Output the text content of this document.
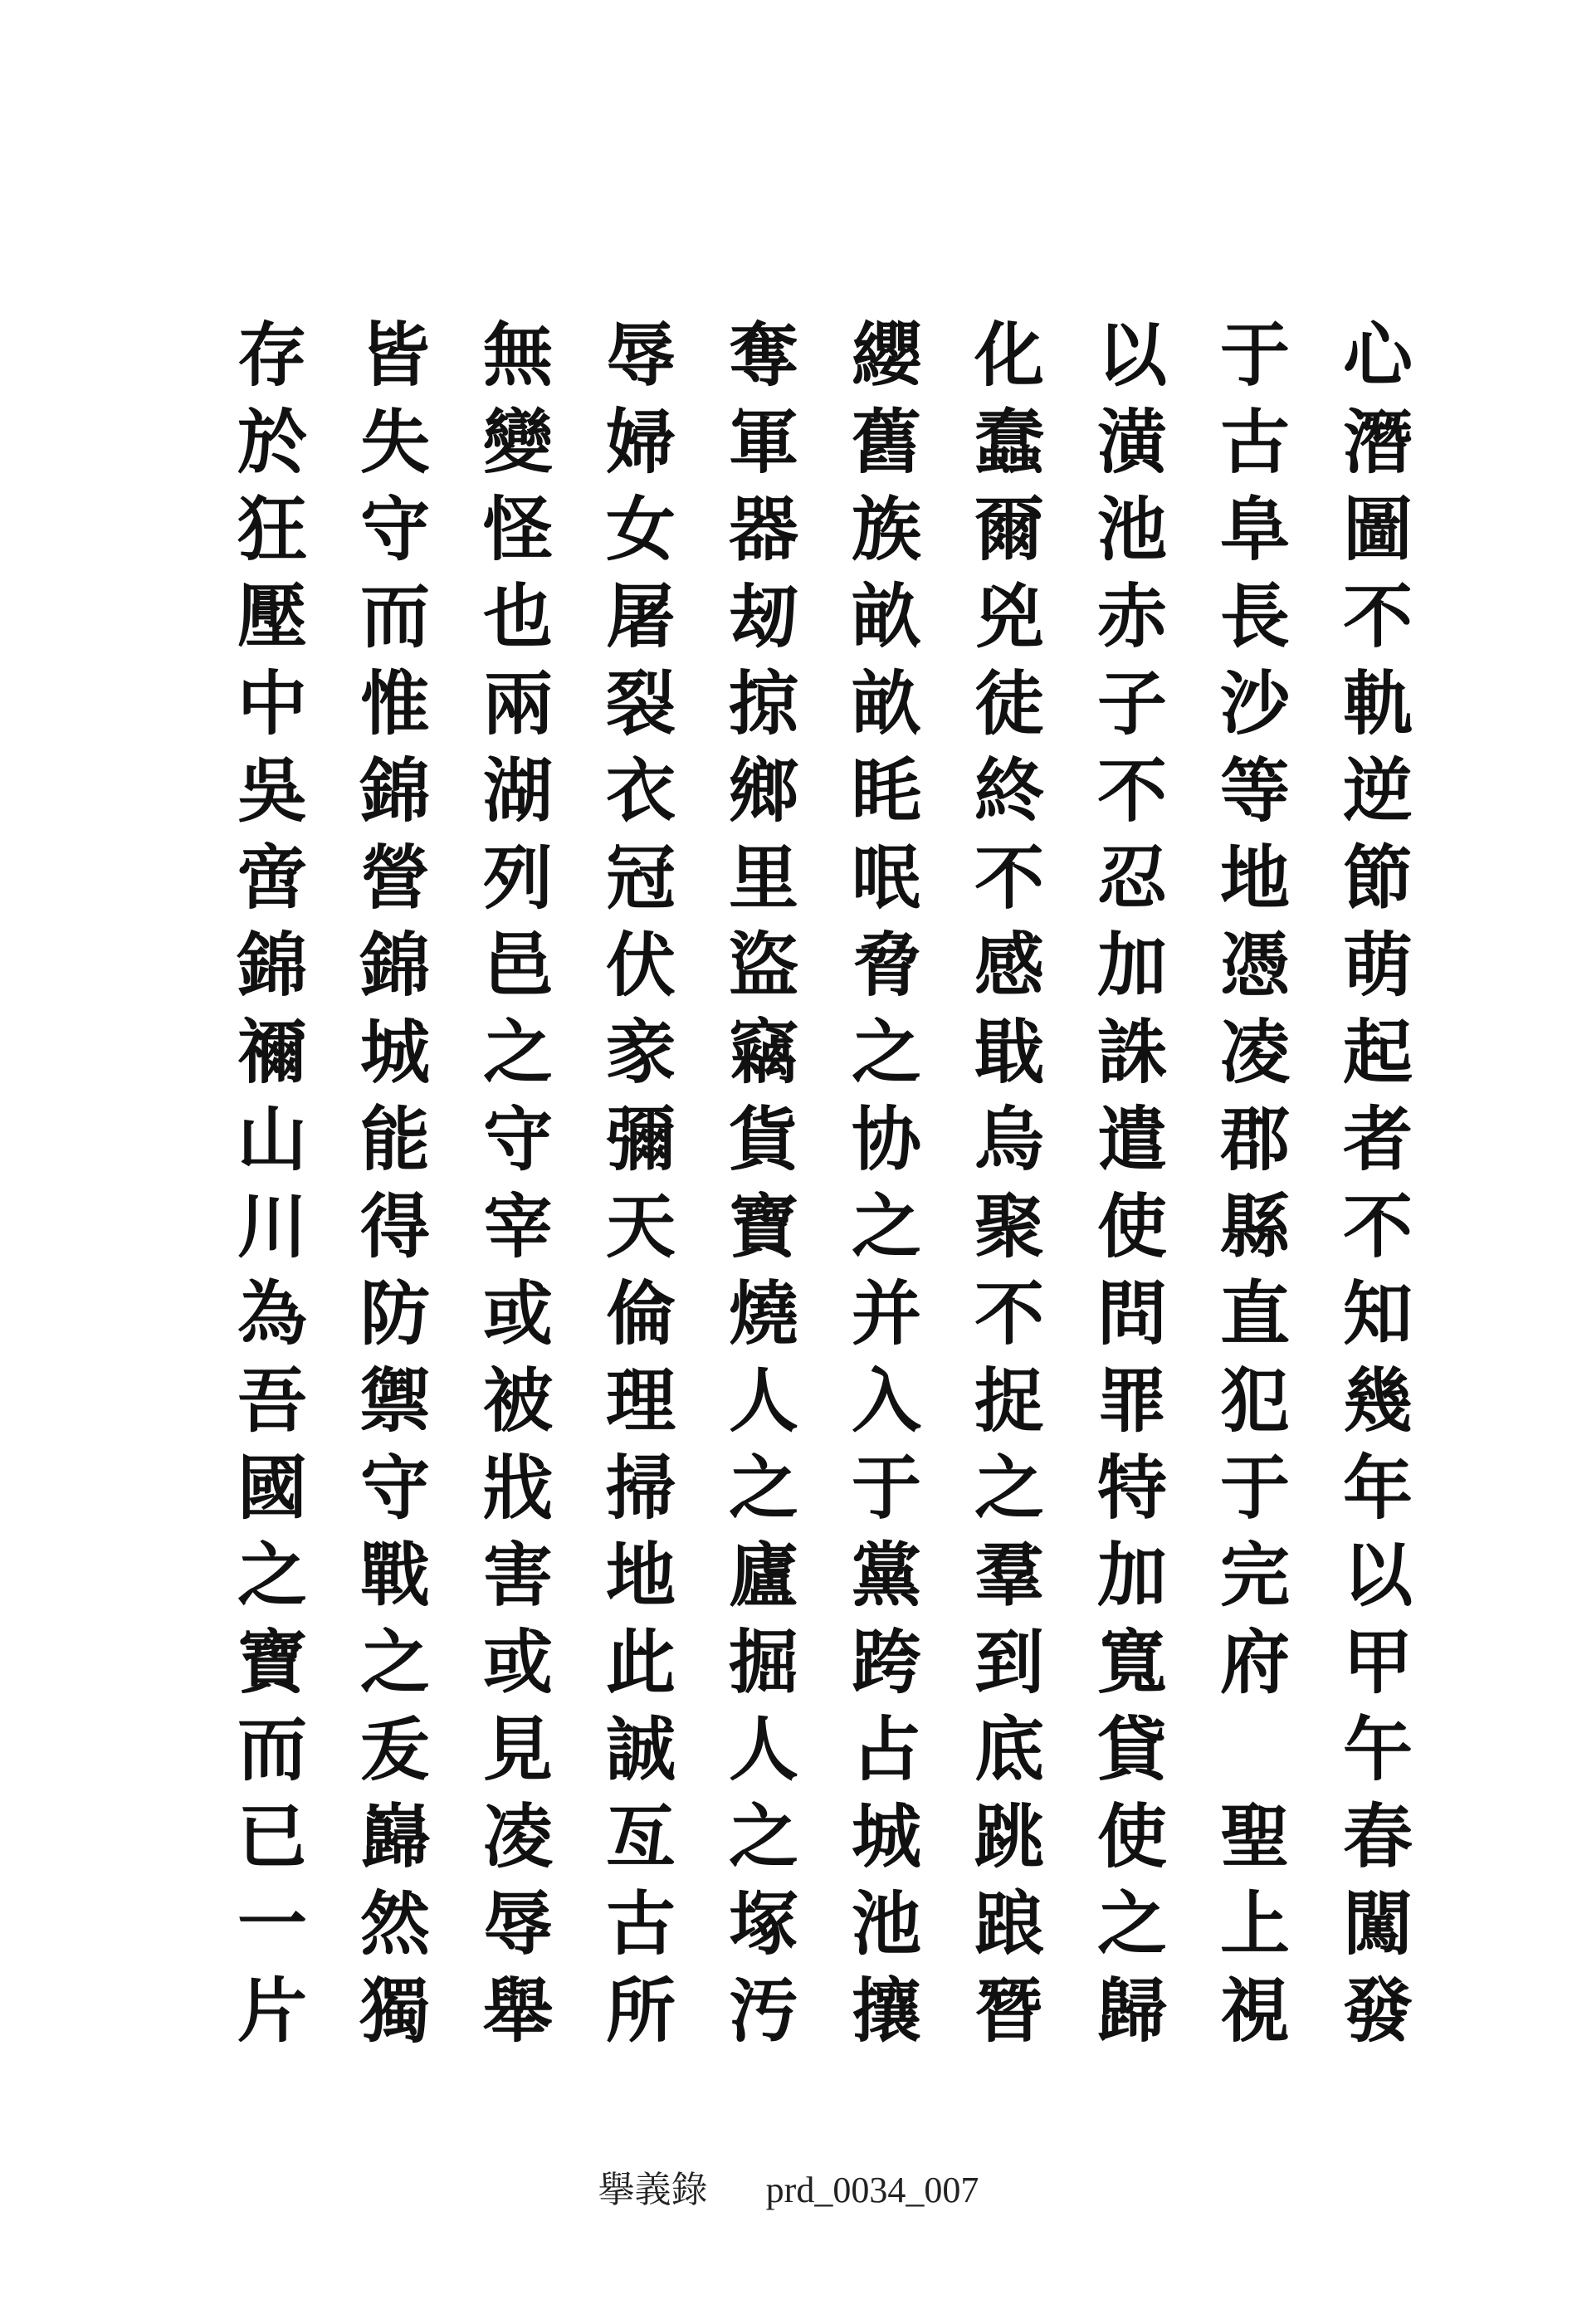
心
潛
圖
不
軌
逆
節
萌
起
者
不
知
幾
年
以
甲
午
春
闖
發
于
古
阜
長
沙
等
地
憑
凌
郡
縣
直
犯
于
完
府

聖
上
視
以
潢
池
赤
子
不
忍
加
誅
遣
使
問
罪
特
加
寬
貸
使
之
歸
化
蠢
爾
兇
徒
終
不
感
戢
烏
聚
不
捉
之
羣
到
底
跳
踉
朁
纓
舊
族
畝
畝
眊
呡
脅
之
协
之
并
入
于
黨
跨
占
城
池
攘
奪
軍
器
刼
掠
鄉
里
盜
竊
貨
寶
燒
人
之
廬
掘
人
之
塚
汚
辱
婦
女
屠
裂
衣
冠
伏
豙
彌
天
倫
理
掃
地
此
誠
亙
古
所
無
變
怪
也
兩
湖
列
邑
之
守
宰
或
被
戕
害
或
見
凌
辱
舉
皆
失
守
而
惟
錦
營
錦
城
能
得
防
禦
守
戰
之
叐
巋
然
獨
存
於
狂
壓
中
吳
啻
錦
禰
山
川
為
吾
國
之
寶
而
已
一
片
擧義錄 prd_0034_007
